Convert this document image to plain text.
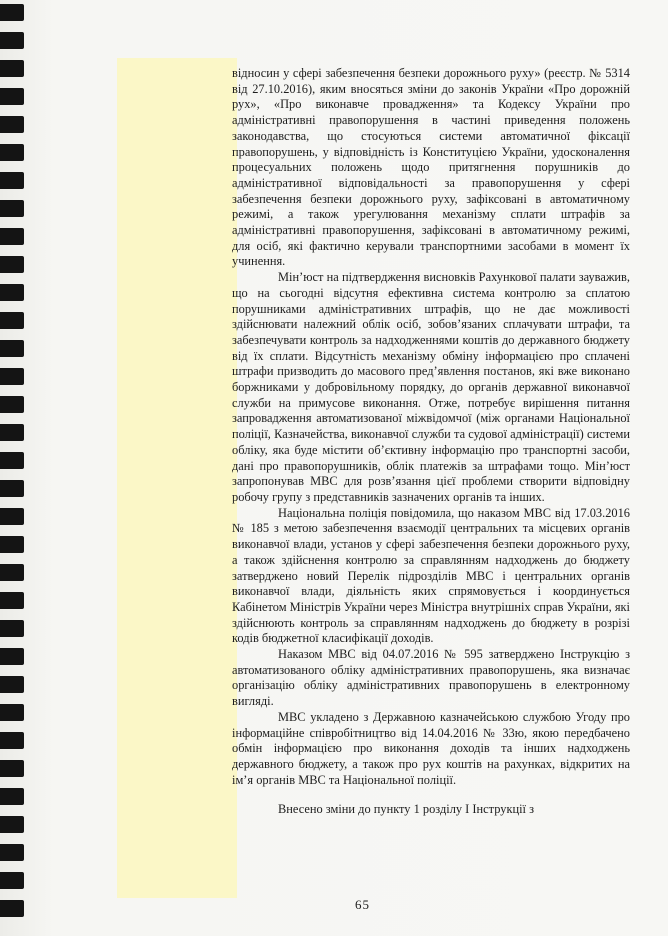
відносин у сфері забезпечення безпеки дорожнього руху» (реєстр. № 5314 від 27.10.2016), яким вносяться зміни до законів України «Про дорожній рух», «Про виконавче провадження» та Кодексу України про адміністративні правопорушення в частині приведення положень законодавства, що стосуються системи автоматичної фіксації правопорушень, у відповідність із Конституцією України, удосконалення процесуальних положень щодо притягнення порушників до адміністративної відповідальності за правопорушення у сфері забезпечення безпеки дорожнього руху, зафіксовані в автоматичному режимі, а також урегулювання механізму сплати штрафів за адміністративні правопорушення, зафіксовані в автоматичному режимі, для осіб, які фактично керували транспортними засобами в момент їх учинення.

Мін’юст на підтвердження висновків Рахункової палати зауважив, що на сьогодні відсутня ефективна система контролю за сплатою порушниками адміністративних штрафів, що не дає можливості здійснювати належний облік осіб, зобов’язаних сплачувати штрафи, та забезпечувати контроль за надходженнями коштів до державного бюджету від їх сплати. Відсутність механізму обміну інформацією про сплачені штрафи призводить до масового пред’явлення постанов, які вже виконано боржниками у добровільному порядку, до органів державної виконавчої служби на примусове виконання. Отже, потребує вирішення питання запровадження автоматизованої міжвідомчої (між органами Національної поліції, Казначейства, виконавчої служби та судової адміністрації) системи обліку, яка буде містити об’єктивну інформацію про транспортні засоби, дані про правопорушників, облік платежів за штрафами тощо. Мін’юст запропонував МВС для розв’язання цієї проблеми створити відповідну робочу групу з представників зазначених органів та інших.

Національна поліція повідомила, що наказом МВС від 17.03.2016 № 185 з метою забезпечення взаємодії центральних та місцевих органів виконавчої влади, установ у сфері забезпечення безпеки дорожнього руху, а також здійснення контролю за справлянням надходжень до бюджету затверджено новий Перелік підрозділів МВС і центральних органів виконавчої влади, діяльність яких спрямовується і координується Кабінетом Міністрів України через Міністра внутрішніх справ України, які здійснюють контроль за справлянням надходжень до бюджету в розрізі кодів бюджетної класифікації доходів.

Наказом МВС від 04.07.2016 № 595 затверджено Інструкцію з автоматизованого обліку адміністративних правопорушень, яка визначає організацію обліку адміністративних правопорушень в електронному вигляді.

МВС укладено з Державною казначейською службою Угоду про інформаційне співробітництво від 14.04.2016 № 33ю, якою передбачено обмін інформацією про виконання доходів та інших надходжень державного бюджету, а також про рух коштів на рахунках, відкритих на ім’я органів МВС та Національної поліції.

Внесено зміни до пункту 1 розділу І Інструкції з

65
